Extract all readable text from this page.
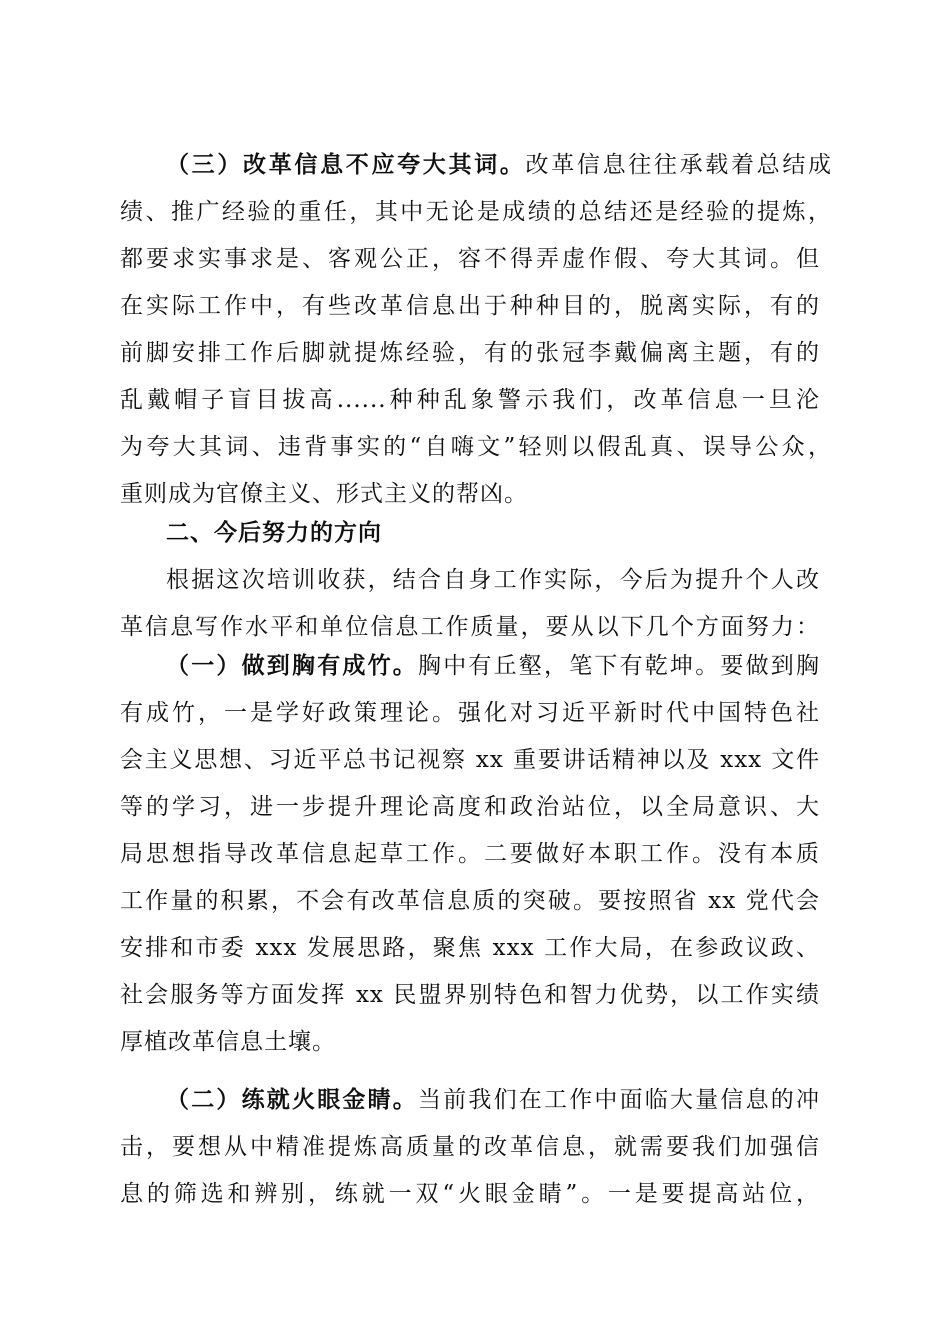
（三）改革信息不应夸大其词。改革信息往往承载着总结成
绩、推广经验的重任，其中无论是成绩的总结还是经验的提炼，
都要求实事求是、客观公正，容不得弄虚作假、夸大其词。但
在实际工作中，有些改革信息出于种种目的，脱离实际，有的
前脚安排工作后脚就提炼经验，有的张冠李戴偏离主题，有的
乱戴帽子盲目拔高......种种乱象警示我们，改革信息一旦沦
为夸大其词、违背事实的“自嗨文”轻则以假乱真、误导公众，
重则成为官僚主义、形式主义的帮凶。
二、今后努力的方向
根据这次培训收获，结合自身工作实际，今后为提升个人改
革信息写作水平和单位信息工作质量，要从以下几个方面努力：
（一）做到胸有成竹。胸中有丘壑，笔下有乾坤。要做到胸
有成竹，一是学好政策理论。强化对习近平新时代中国特色社
会主义思想、习近平总书记视察 xx 重要讲话精神以及 xxx 文件
等的学习，进一步提升理论高度和政治站位，以全局意识、大
局思想指导改革信息起草工作。二要做好本职工作。没有本质
工作量的积累，不会有改革信息质的突破。要按照省 xx 党代会
安排和市委 xxx 发展思路，聚焦 xxx 工作大局，在参政议政、
社会服务等方面发挥 xx 民盟界别特色和智力优势，以工作实绩
厚植改革信息土壤。
（二）练就火眼金睛。当前我们在工作中面临大量信息的冲
击，要想从中精准提炼高质量的改革信息，就需要我们加强信
息的筛选和辨别，练就一双“火眼金睛”。一是要提高站位，
